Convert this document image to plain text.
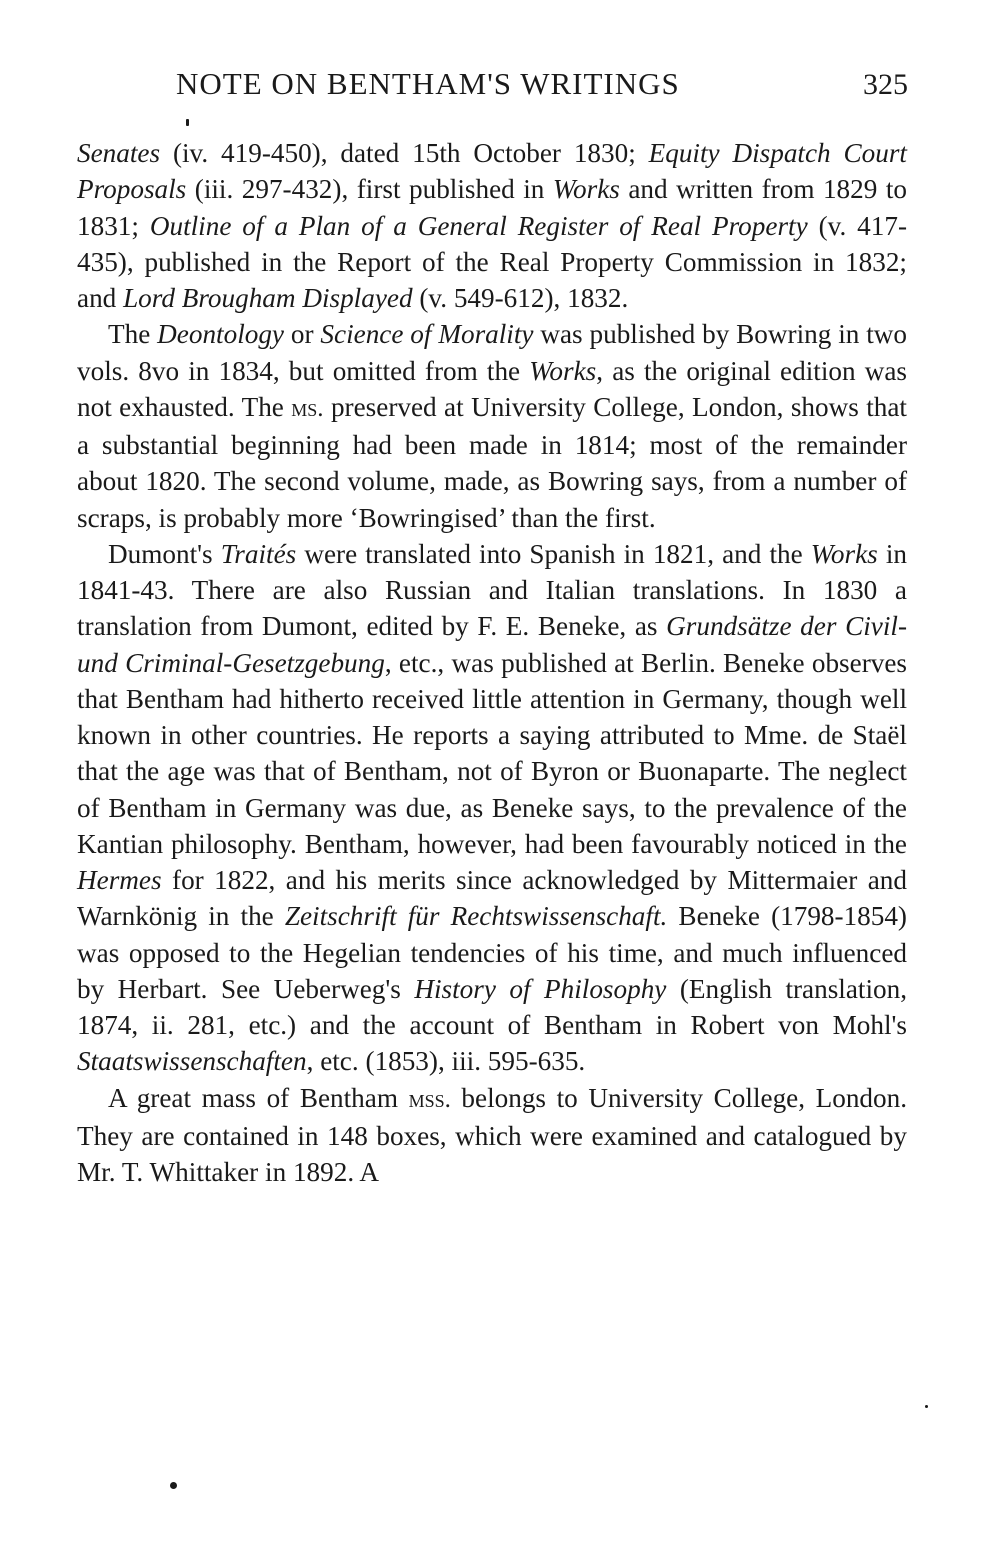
NOTE ON BENTHAM'S WRITINGS	325

Senates (iv. 419-450), dated 15th October 1830; Equity Dispatch Court Proposals (iii. 297-432), first published in Works and written from 1829 to 1831; Outline of a Plan of a General Register of Real Property (v. 417-435), published in the Report of the Real Property Commission in 1832; and Lord Brougham Displayed (v. 549-612), 1832.

The Deontology or Science of Morality was published by Bowring in two vols. 8vo in 1834, but omitted from the Works, as the original edition was not exhausted. The ms. preserved at University College, London, shows that a substantial beginning had been made in 1814; most of the remainder about 1820. The second volume, made, as Bowring says, from a number of scraps, is probably more ‘Bowringised’ than the first.

Dumont's Traités were translated into Spanish in 1821, and the Works in 1841-43. There are also Russian and Italian translations. In 1830 a translation from Dumont, edited by F. E. Beneke, as Grundsätze der Civil- und Criminal-Gesetzgebung, etc., was published at Berlin. Beneke observes that Bentham had hitherto received little attention in Germany, though well known in other countries. He reports a saying attributed to Mme. de Staël that the age was that of Bentham, not of Byron or Buonaparte. The neglect of Bentham in Germany was due, as Beneke says, to the prevalence of the Kantian philosophy. Bentham, however, had been favourably noticed in the Hermes for 1822, and his merits since acknowledged by Mittermaier and Warnkönig in the Zeitschrift für Rechtswissenschaft. Beneke (1798-1854) was opposed to the Hegelian tendencies of his time, and much influenced by Herbart. See Ueberweg's History of Philosophy (English translation, 1874, ii. 281, etc.) and the account of Bentham in Robert von Mohl's Staatswissenschaften, etc. (1853), iii. 595-635.

A great mass of Bentham mss. belongs to University College, London. They are contained in 148 boxes, which were examined and catalogued by Mr. T. Whittaker in 1892. A
